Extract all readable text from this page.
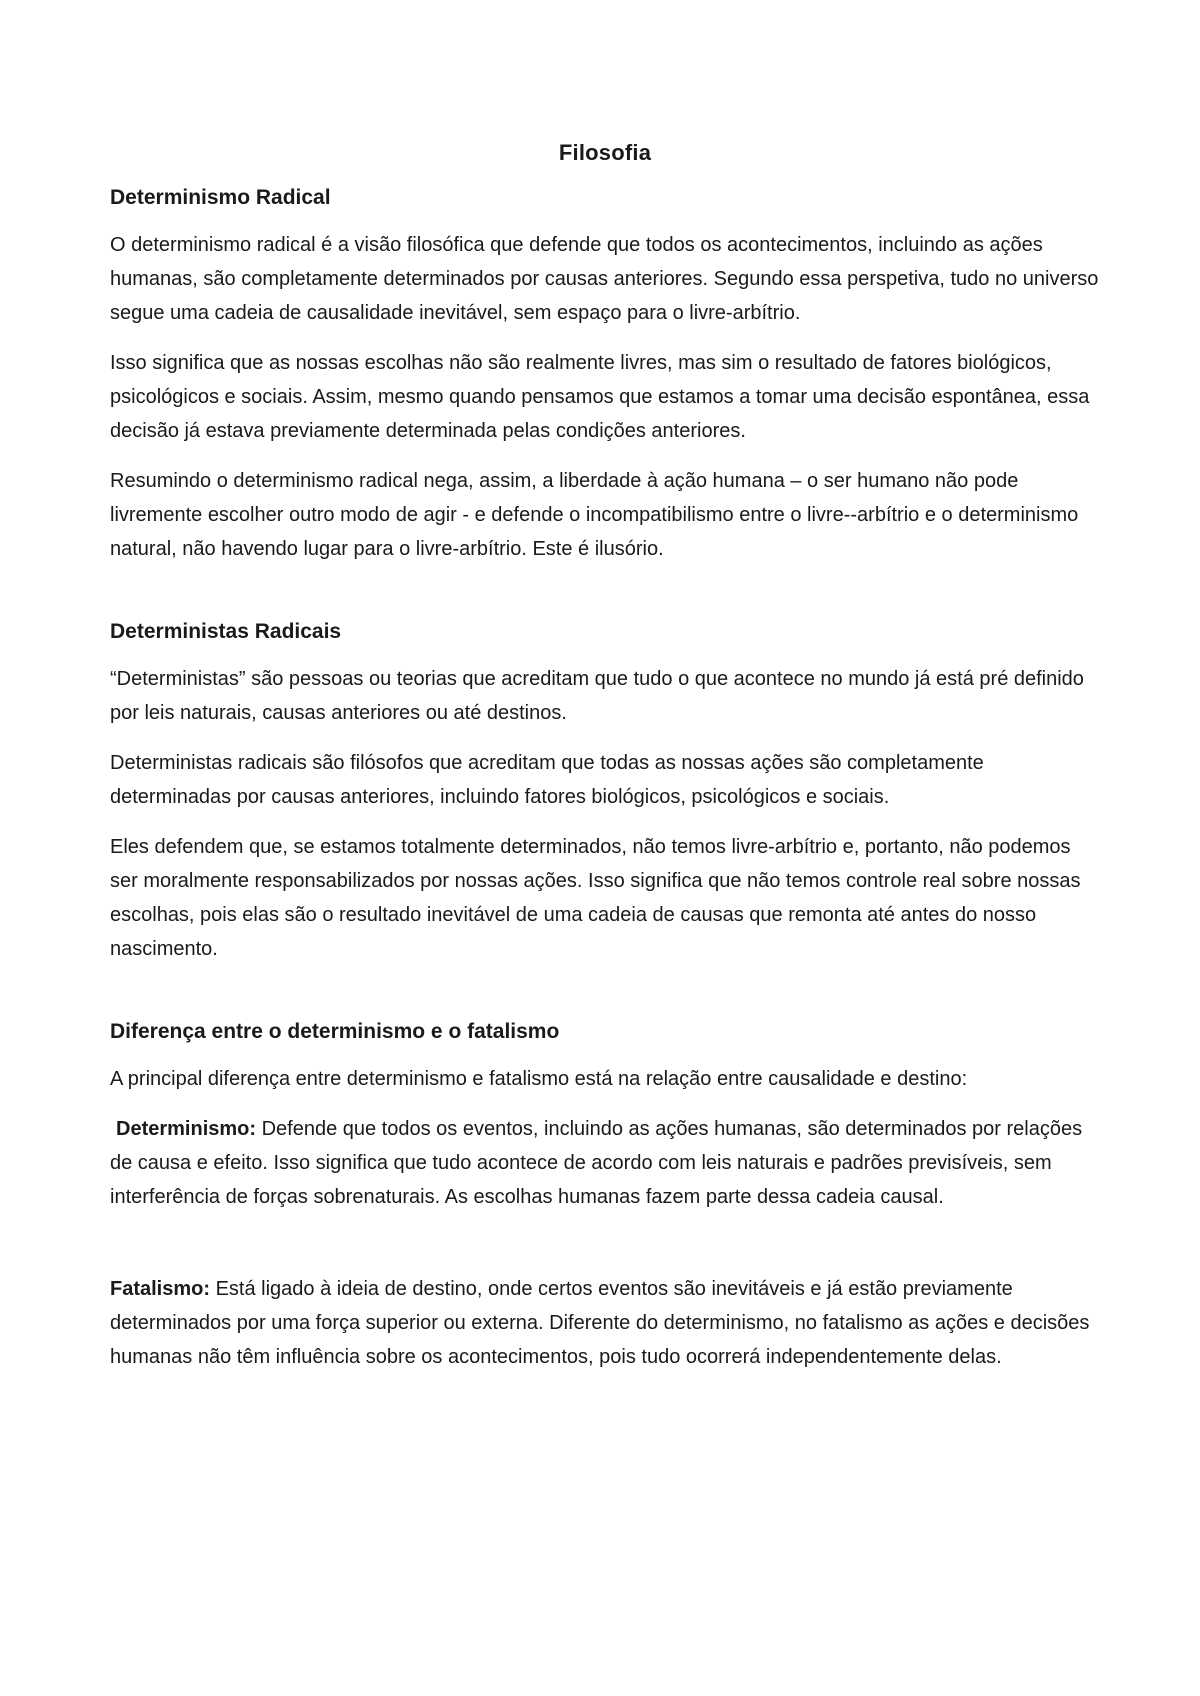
Filosofia
Determinismo Radical

O determinismo radical é a visão filosófica que defende que todos os acontecimentos, incluindo as ações humanas, são completamente determinados por causas anteriores. Segundo essa perspetiva, tudo no universo segue uma cadeia de causalidade inevitável, sem espaço para o livre-arbítrio.

Isso significa que as nossas escolhas não são realmente livres, mas sim o resultado de fatores biológicos, psicológicos e sociais. Assim, mesmo quando pensamos que estamos a tomar uma decisão espontânea, essa decisão já estava previamente determinada pelas condições anteriores.

Resumindo o determinismo radical nega, assim, a liberdade à ação humana – o ser humano não pode livremente escolher outro modo de agir - e defende o incompatibilismo entre o livre--arbítrio e o determinismo natural, não havendo lugar para o livre-arbítrio. Este é ilusório.

Deterministas Radicais

“Deterministas” são pessoas ou teorias que acreditam que tudo o que acontece no mundo já está pré definido por leis naturais, causas anteriores ou até destinos.

Deterministas radicais são filósofos que acreditam que todas as nossas ações são completamente determinadas por causas anteriores, incluindo fatores biológicos, psicológicos e sociais.

Eles defendem que, se estamos totalmente determinados, não temos livre-arbítrio e, portanto, não podemos ser moralmente responsabilizados por nossas ações. Isso significa que não temos controle real sobre nossas escolhas, pois elas são o resultado inevitável de uma cadeia de causas que remonta até antes do nosso nascimento.

Diferença entre o determinismo e o fatalismo

A principal diferença entre determinismo e fatalismo está na relação entre causalidade e destino:

Determinismo: Defende que todos os eventos, incluindo as ações humanas, são determinados por relações de causa e efeito. Isso significa que tudo acontece de acordo com leis naturais e padrões previsíveis, sem interferência de forças sobrenaturais. As escolhas humanas fazem parte dessa cadeia causal.

Fatalismo: Está ligado à ideia de destino, onde certos eventos são inevitáveis e já estão previamente determinados por uma força superior ou externa. Diferente do determinismo, no fatalismo as ações e decisões humanas não têm influência sobre os acontecimentos, pois tudo ocorrerá independentemente delas.
